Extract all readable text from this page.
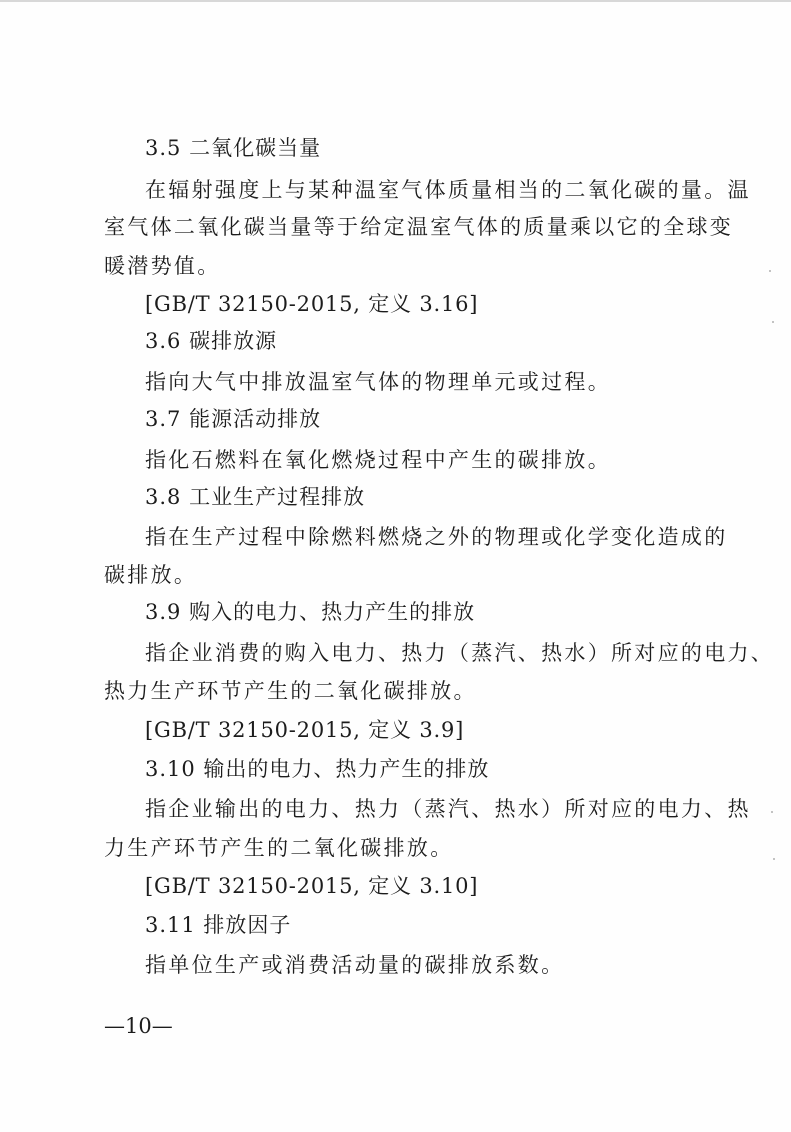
3.5 二氧化碳当量
在辐射强度上与某种温室气体质量相当的二氧化碳的量。温
室气体二氧化碳当量等于给定温室气体的质量乘以它的全球变
暖潜势值。
[GB/T 32150-2015, 定义 3.16]
3.6 碳排放源
指向大气中排放温室气体的物理单元或过程。
3.7 能源活动排放
指化石燃料在氧化燃烧过程中产生的碳排放。
3.8 工业生产过程排放
指在生产过程中除燃料燃烧之外的物理或化学变化造成的
碳排放。
3.9 购入的电力、热力产生的排放
指企业消费的购入电力、热力（蒸汽、热水）所对应的电力、
热力生产环节产生的二氧化碳排放。
[GB/T 32150-2015, 定义 3.9]
3.10 输出的电力、热力产生的排放
指企业输出的电力、热力（蒸汽、热水）所对应的电力、热
力生产环节产生的二氧化碳排放。
[GB/T 32150-2015, 定义 3.10]
3.11 排放因子
指单位生产或消费活动量的碳排放系数。
—10—
